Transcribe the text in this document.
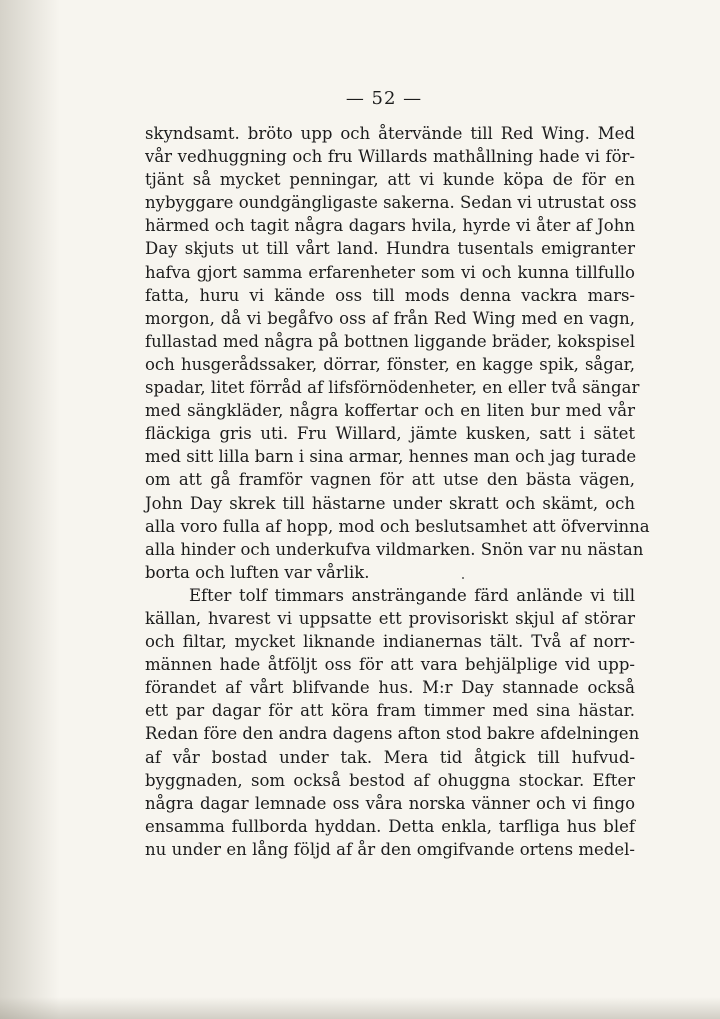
— 52 —
skyndsamt. bröto upp och återvände till Red Wing. Med
vår vedhuggning och fru Willards mathållning hade vi för-
tjänt så mycket penningar, att vi kunde köpa de för en
nybyggare oundgängligaste sakerna. Sedan vi utrustat oss
härmed och tagit några dagars hvila, hyrde vi åter af John
Day skjuts ut till vårt land. Hundra tusentals emigranter
hafva gjort samma erfarenheter som vi och kunna tillfullo
fatta, huru vi kände oss till mods denna vackra mars-
morgon, då vi begåfvo oss af från Red Wing med en vagn,
fullastad med några på bottnen liggande bräder, kokspisel
och husgerådssaker, dörrar, fönster, en kagge spik, sågar,
spadar, litet förråd af lifsförnödenheter, en eller två sängar
med sängkläder, några koffertar och en liten bur med vår
fläckiga gris uti. Fru Willard, jämte kusken, satt i sätet
med sitt lilla barn i sina armar, hennes man och jag turade
om att gå framför vagnen för att utse den bästa vägen,
John Day skrek till hästarne under skratt och skämt, och
alla voro fulla af hopp, mod och beslutsamhet att öfvervinna
alla hinder och underkufva vildmarken. Snön var nu nästan
borta och luften var vårlik.
Efter tolf timmars ansträngande färd anlände vi till
källan, hvarest vi uppsatte ett provisoriskt skjul af störar
och filtar, mycket liknande indianernas tält. Två af norr-
männen hade åtföljt oss för att vara behjälplige vid upp-
förandet af vårt blifvande hus. M:r Day stannade också
ett par dagar för att köra fram timmer med sina hästar.
Redan före den andra dagens afton stod bakre afdelningen
af vår bostad under tak. Mera tid åtgick till hufvud-
byggnaden, som också bestod af ohuggna stockar. Efter
några dagar lemnade oss våra norska vänner och vi fingo
ensamma fullborda hyddan. Detta enkla, tarfliga hus blef
nu under en lång följd af år den omgifvande ortens medel-
